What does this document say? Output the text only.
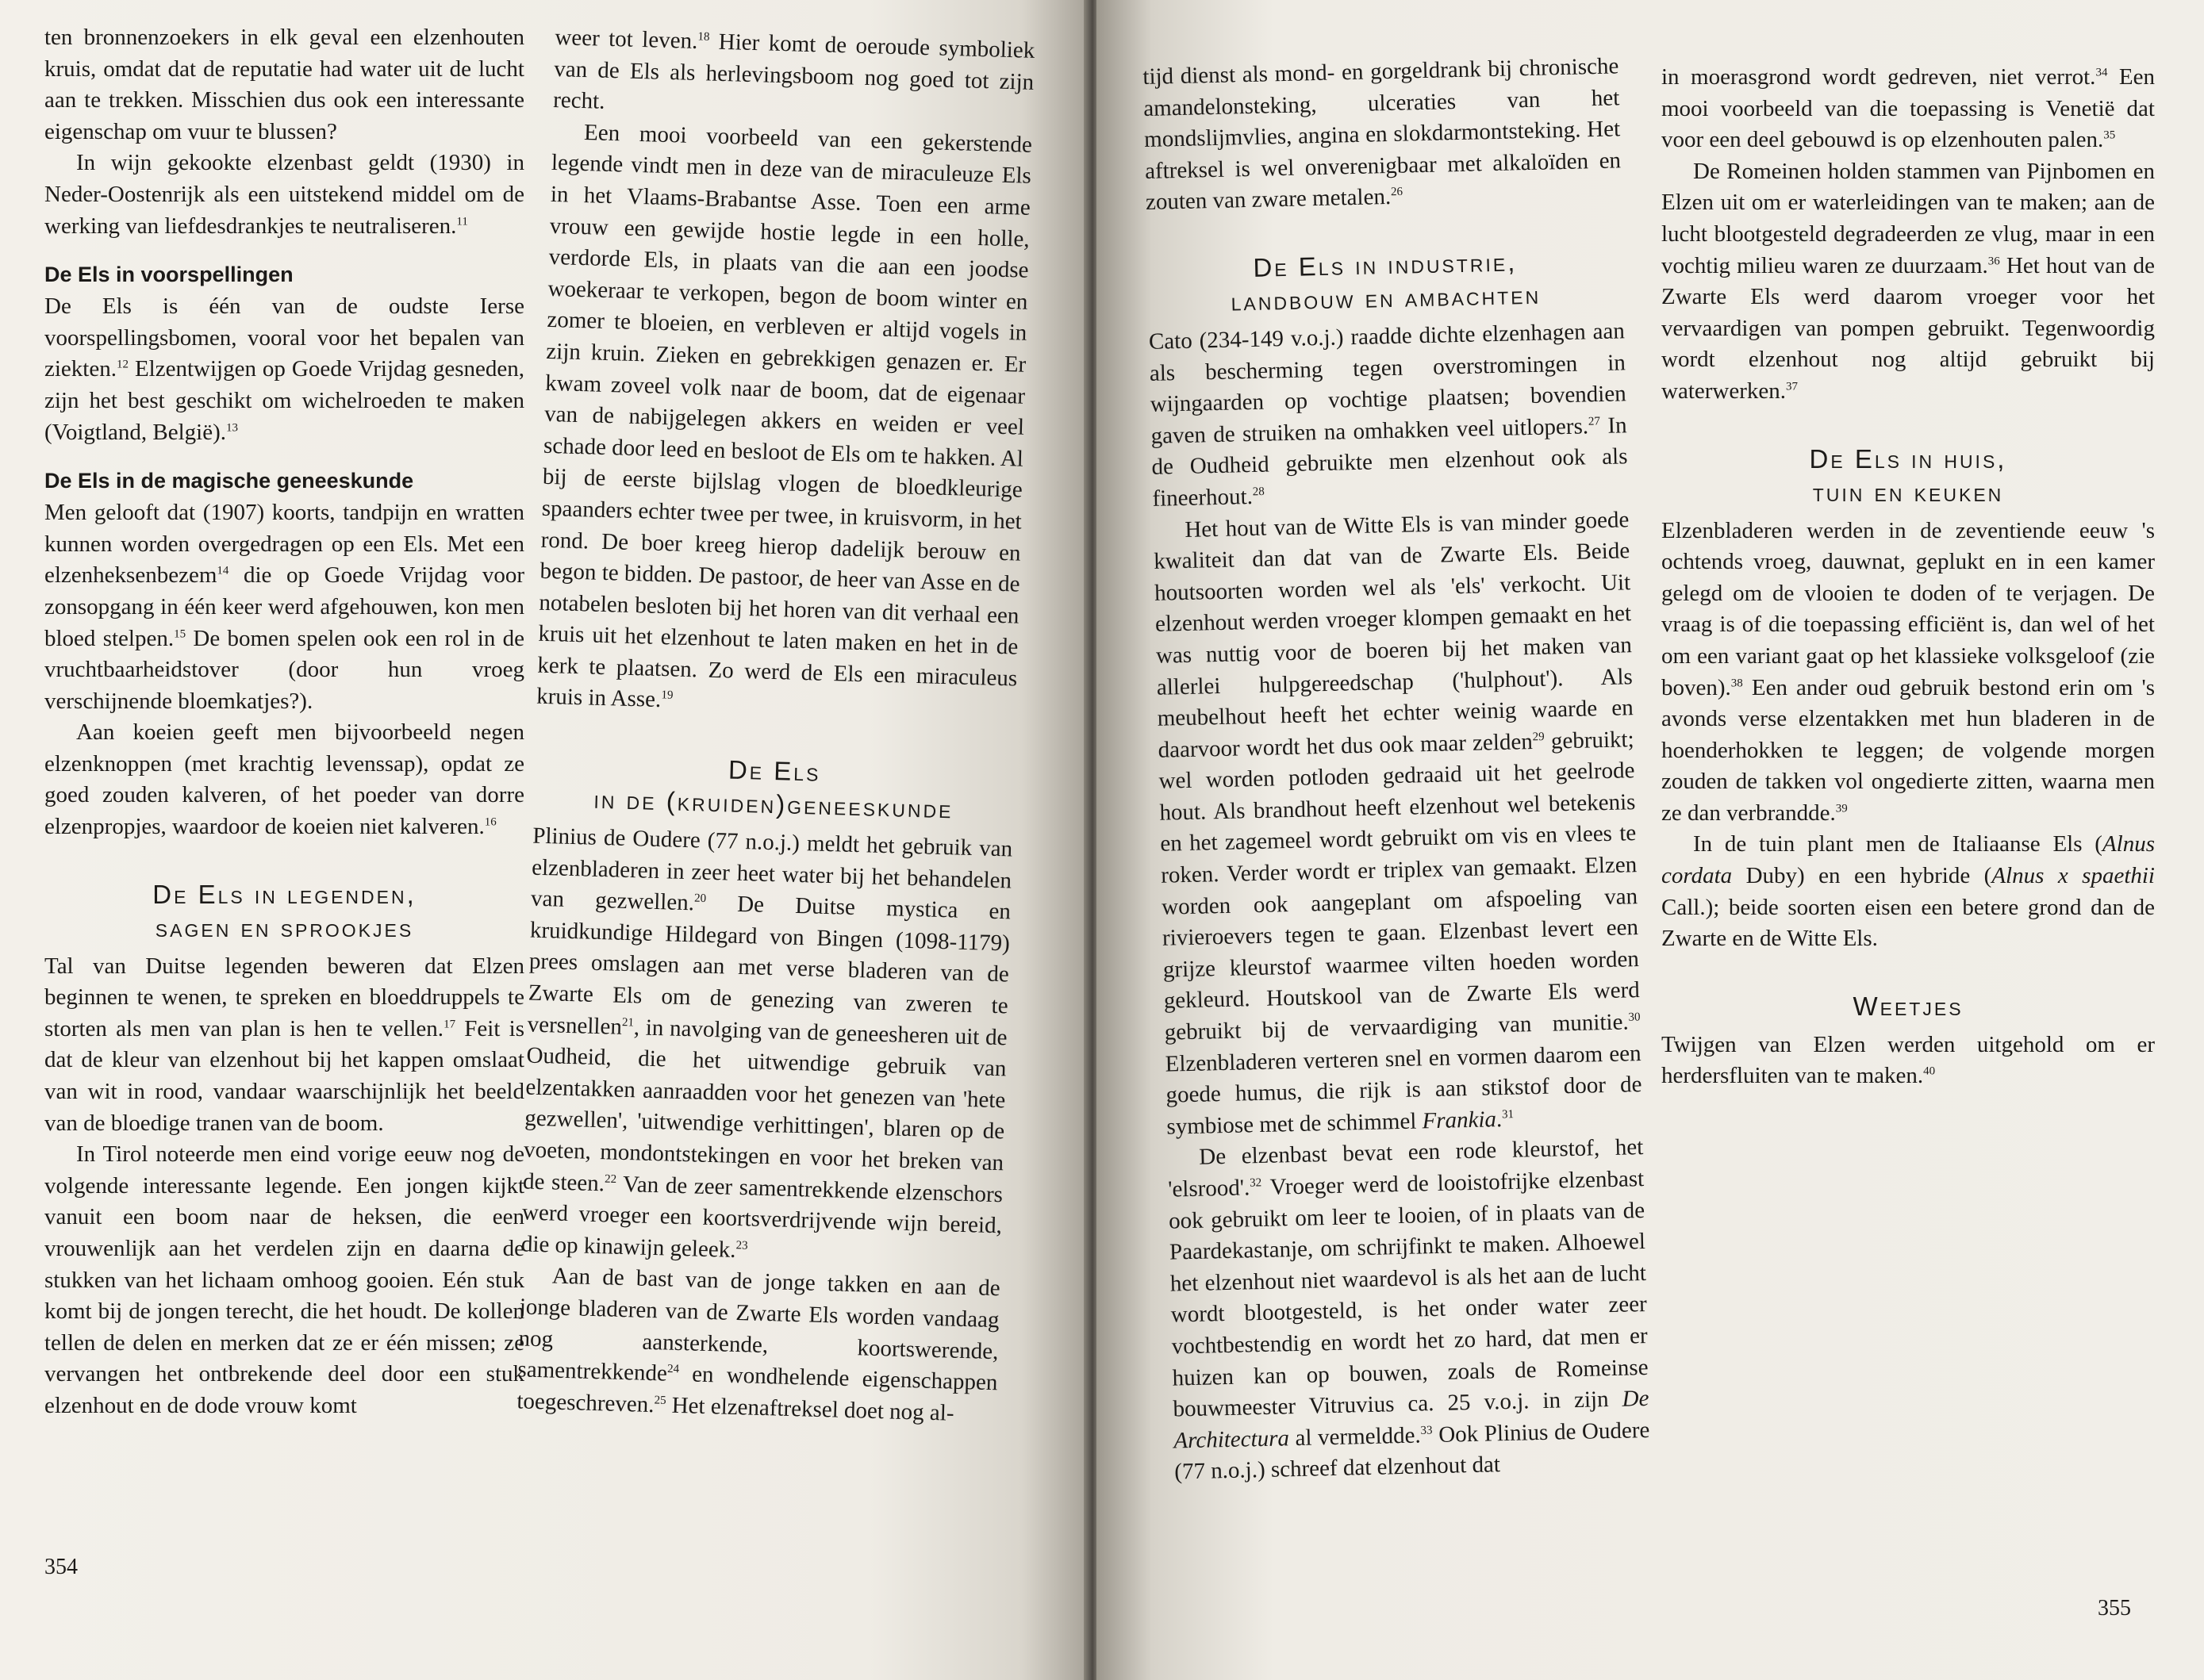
ten bronnenzoekers in elk geval een elzenhouten kruis, omdat dat de reputatie had water uit de lucht aan te trekken. Misschien dus ook een interessante eigenschap om vuur te blussen?

In wijn gekookte elzenbast geldt (1930) in Neder-Oostenrijk als een uitstekend middel om de werking van liefdesdrankjes te neutraliseren.$^{11}$

De Els in voorspellingen

De Els is één van de oudste Ierse voorspellingsbomen, vooral voor het bepalen van ziekten.$^{12}$ Elzentwijgen op Goede Vrijdag gesneden, zijn het best geschikt om wichelroeden te maken (Voigtland, België).$^{13}$

De Els in de magische geneeskunde

Men gelooft dat (1907) koorts, tandpijn en wratten kunnen worden overgedragen op een Els. Met een elzenheksenbezem$^{14}$ die op Goede Vrijdag voor zonsopgang in één keer werd afgehouwen, kon men bloed stelpen.$^{15}$ De bomen spelen ook een rol in de vruchtbaarheidstover (door hun vroeg verschijnende bloemkatjes?).

Aan koeien geeft men bijvoorbeeld negen elzenknoppen (met krachtig levenssap), opdat ze goed zouden kalveren, of het poeder van dorre elzenpropjes, waardoor de koeien niet kalveren.$^{16}$

De Els in legenden,
sagen en sprookjes

Tal van Duitse legenden beweren dat Elzen beginnen te wenen, te spreken en bloeddruppels te storten als men van plan is hen te vellen.$^{17}$ Feit is dat de kleur van elzenhout bij het kappen omslaat van wit in rood, vandaar waarschijnlijk het beeld van de bloedige tranen van de boom.

In Tirol noteerde men eind vorige eeuw nog de volgende interessante legende. Een jongen kijkt vanuit een boom naar de heksen, die een vrouwenlijk aan het verdelen zijn en daarna de stukken van het lichaam omhoog gooien. Eén stuk komt bij de jongen terecht, die het houdt. De kollen tellen de delen en merken dat ze er één missen; ze vervangen het ontbrekende deel door een stuk elzenhout en de dode vrouw komt

weer tot leven.$^{18}$ Hier komt de oeroude symboliek van de Els als herlevingsboom nog goed tot zijn recht.

Een mooi voorbeeld van een gekerstende legende vindt men in deze van de miraculeuze Els in het Vlaams-Brabantse Asse. Toen een arme vrouw een gewijde hostie legde in een holle, verdorde Els, in plaats van die aan een joodse woekeraar te verkopen, begon de boom winter en zomer te bloeien, en verbleven er altijd vogels in zijn kruin. Zieken en gebrekkigen genazen er. Er kwam zoveel volk naar de boom, dat de eigenaar van de nabijgelegen akkers en weiden er veel schade door leed en besloot de Els om te hakken. Al bij de eerste bijlslag vlogen de bloedkleurige spaanders echter twee per twee, in kruisvorm, in het rond. De boer kreeg hierop dadelijk berouw en begon te bidden. De pastoor, de heer van Asse en de notabelen besloten bij het horen van dit verhaal een kruis uit het elzenhout te laten maken en het in de kerk te plaatsen. Zo werd de Els een miraculeus kruis in Asse.$^{19}$

De Els
in de (kruiden)geneeskunde

Plinius de Oudere (77 n.o.j.) meldt het gebruik van elzenbladeren in zeer heet water bij het behandelen van gezwellen.$^{20}$ De Duitse mystica en kruidkundige Hildegard von Bingen (1098-1179) prees omslagen aan met verse bladeren van de Zwarte Els om de genezing van zweren te versnellen$^{21}$, in navolging van de geneesheren uit de Oudheid, die het uitwendige gebruik van elzentakken aanraadden voor het genezen van 'hete gezwellen', 'uitwendige verhittingen', blaren op de voeten, mondontstekingen en voor het breken van de steen.$^{22}$ Van de zeer samentrekkende elzenschors werd vroeger een koortsverdrijvende wijn bereid, die op kinawijn geleek.$^{23}$

Aan de bast van de jonge takken en aan de jonge bladeren van de Zwarte Els worden vandaag nog aansterkende, koortswerende, samentrekkende$^{24}$ en wondhelende eigenschappen toegeschreven.$^{25}$ Het elzenaftreksel doet nog al-

354

tijd dienst als mond- en gorgeldrank bij chronische amandelonsteking, ulceraties van het mondslijmvlies, angina en slokdarmontsteking. Het aftreksel is wel onverenigbaar met alkaloïden en zouten van zware metalen.$^{26}$

De Els in industrie,
landbouw en ambachten

Cato (234-149 v.o.j.) raadde dichte elzenhagen aan als bescherming tegen overstromingen in wijngaarden op vochtige plaatsen; bovendien gaven de struiken na omhakken veel uitlopers.$^{27}$ In de Oudheid gebruikte men elzenhout ook als fineerhout.$^{28}$

Het hout van de Witte Els is van minder goede kwaliteit dan dat van de Zwarte Els. Beide houtsoorten worden wel als 'els' verkocht. Uit elzenhout werden vroeger klompen gemaakt en het was nuttig voor de boeren bij het maken van allerlei hulpgereedschap ('hulphout'). Als meubelhout heeft het echter weinig waarde en daarvoor wordt het dus ook maar zelden$^{29}$ gebruikt; wel worden potloden gedraaid uit het geelrode hout. Als brandhout heeft elzenhout wel betekenis en het zagemeel wordt gebruikt om vis en vlees te roken. Verder wordt er triplex van gemaakt. Elzen worden ook aangeplant om afspoeling van rivieroevers tegen te gaan. Elzenbast levert een grijze kleurstof waarmee vilten hoeden worden gekleurd. Houtskool van de Zwarte Els werd gebruikt bij de vervaardiging van munitie.$^{30}$ Elzenbladeren verteren snel en vormen daarom een goede humus, die rijk is aan stikstof door de symbiose met de schimmel Frankia.$^{31}$

De elzenbast bevat een rode kleurstof, het 'elsrood'.$^{32}$ Vroeger werd de looistofrijke elzenbast ook gebruikt om leer te looien, of in plaats van de Paardekastanje, om schrijfinkt te maken. Alhoewel het elzenhout niet waardevol is als het aan de lucht wordt blootgesteld, is het onder water zeer vochtbestendig en wordt het zo hard, dat men er huizen kan op bouwen, zoals de Romeinse bouwmeester Vitruvius ca. 25 v.o.j. in zijn De Architectura al vermeldde.$^{33}$ Ook Plinius de Oudere (77 n.o.j.) schreef dat elzenhout dat

in moerasgrond wordt gedreven, niet verrot.$^{34}$ Een mooi voorbeeld van die toepassing is Venetië dat voor een deel gebouwd is op elzenhouten palen.$^{35}$

De Romeinen holden stammen van Pijnbomen en Elzen uit om er waterleidingen van te maken; aan de lucht blootgesteld degradeerden ze vlug, maar in een vochtig milieu waren ze duurzaam.$^{36}$ Het hout van de Zwarte Els werd daarom vroeger voor het vervaardigen van pompen gebruikt. Tegenwoordig wordt elzenhout nog altijd gebruikt bij waterwerken.$^{37}$

De Els in huis,
tuin en keuken

Elzenbladeren werden in de zeventiende eeuw 's ochtends vroeg, dauwnat, geplukt en in een kamer gelegd om de vlooien te doden of te verjagen. De vraag is of die toepassing efficiënt is, dan wel of het om een variant gaat op het klassieke volksgeloof (zie boven).$^{38}$ Een ander oud gebruik bestond erin om 's avonds verse elzentakken met hun bladeren in de hoenderhokken te leggen; de volgende morgen zouden de takken vol ongedierte zitten, waarna men ze dan verbrandde.$^{39}$

In de tuin plant men de Italiaanse Els (Alnus cordata Duby) en een hybride (Alnus x spaethii Call.); beide soorten eisen een betere grond dan de Zwarte en de Witte Els.

Weetjes

Twijgen van Elzen werden uitgehold om er herdersfluiten van te maken.$^{40}$

355
